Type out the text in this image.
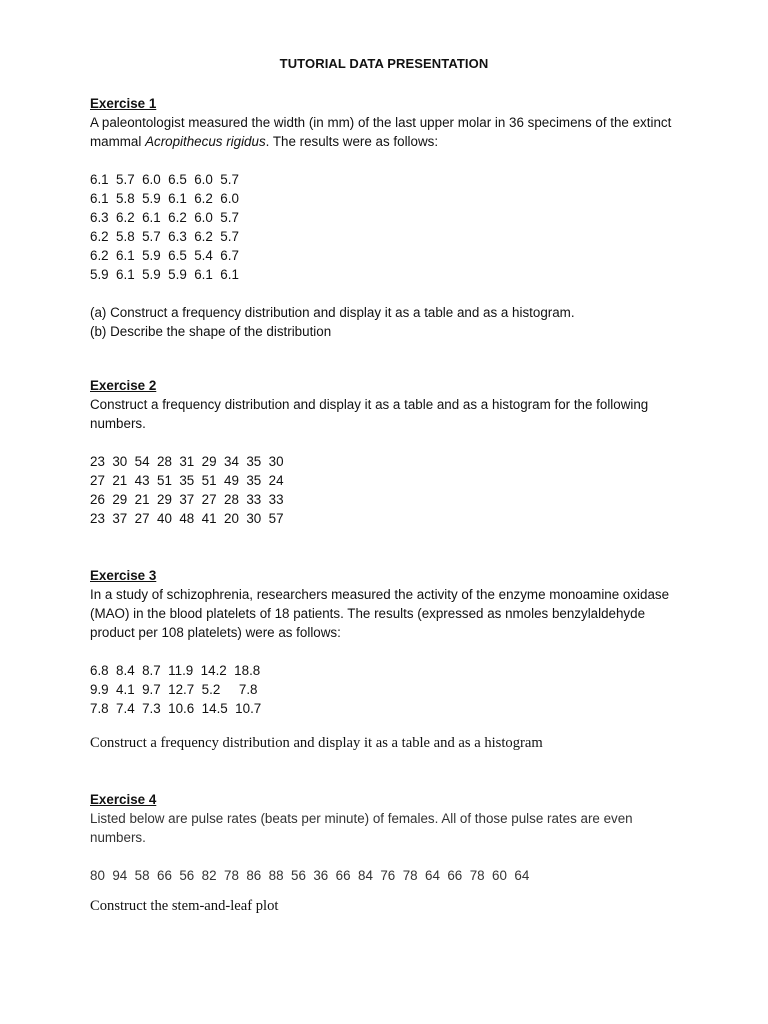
TUTORIAL DATA PRESENTATION
Exercise 1

A paleontologist measured the width (in mm) of the last upper molar in 36 specimens of the extinct mammal Acropithecus rigidus. The results were as follows:

6.1  5.7  6.0  6.5  6.0  5.7

6.1  5.8  5.9  6.1  6.2  6.0

6.3  6.2  6.1  6.2  6.0  5.7

6.2  5.8  5.7  6.3  6.2  5.7

6.2  6.1  5.9  6.5  5.4  6.7

5.9  6.1  5.9  5.9  6.1  6.1

(a) Construct a frequency distribution and display it as a table and as a histogram.

(b) Describe the shape of the distribution

Exercise 2

Construct a frequency distribution and display it as a table and as a histogram for the following numbers.

23  30  54  28  31  29  34  35  30

27  21  43  51  35  51  49  35  24

26  29  21  29  37  27  28  33  33

23  37  27  40  48  41  20  30  57

Exercise 3

In a study of schizophrenia, researchers measured the activity of the enzyme monoamine oxidase (MAO) in the blood platelets of 18 patients. The results (expressed as nmoles benzylaldehyde product per 108 platelets) were as follows:

6.8  8.4  8.7  11.9  14.2  18.8

9.9  4.1  9.7  12.7  5.2     7.8

7.8  7.4  7.3  10.6  14.5  10.7

Construct a frequency distribution and display it as a table and as a histogram

Exercise 4

Listed below are pulse rates (beats per minute) of females. All of those pulse rates are even numbers.

80  94  58  66  56  82  78  86  88  56  36  66  84  76  78  64  66  78  60  64

Construct the stem-and-leaf plot
